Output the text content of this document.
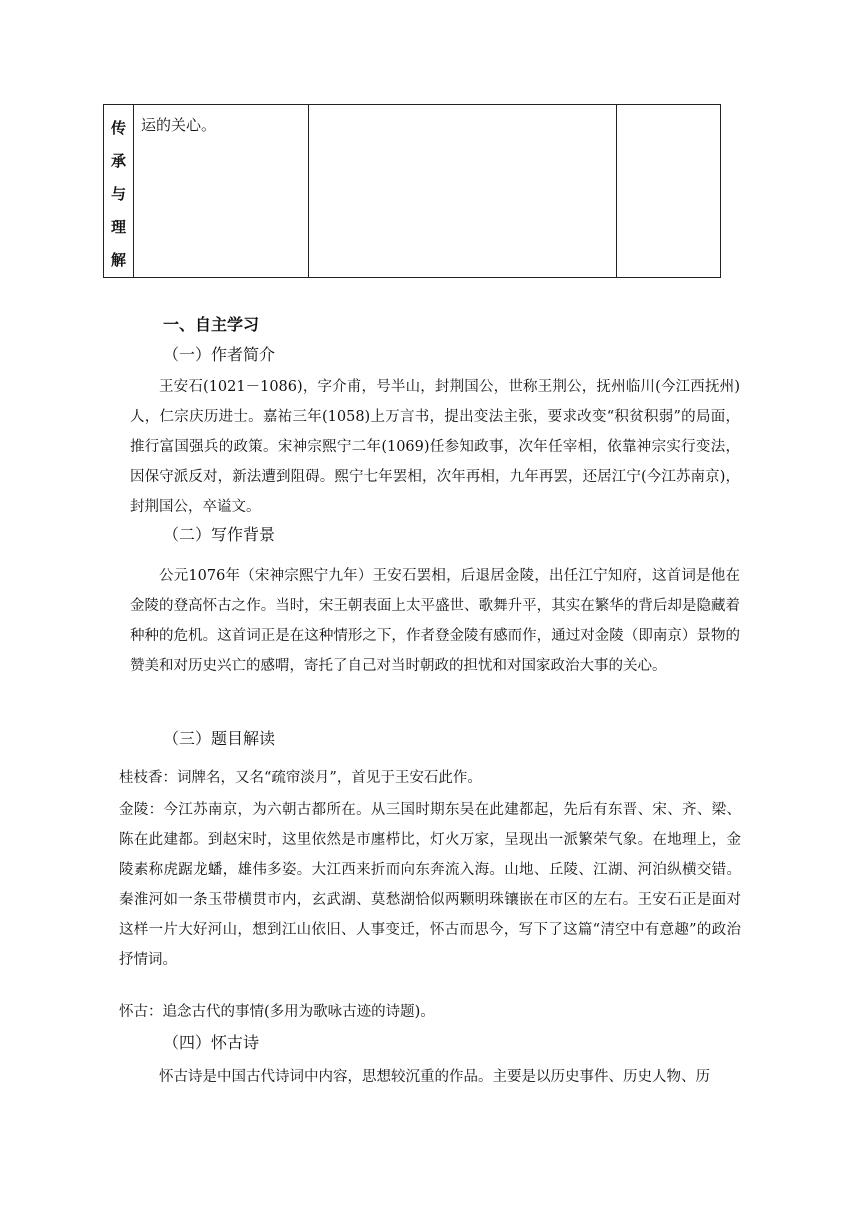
传
承
与
理
解

运的关心。

一、自主学习
（一）作者简介
王安石(1021－1086)，字介甫，号半山，封荆国公，世称王荆公，抚州临川(今江西抚州)人，仁宗庆历进士。嘉祐三年(1058)上万言书，提出变法主张，要求改变“积贫积弱”的局面，推行富国强兵的政策。宋神宗熙宁二年(1069)任参知政事，次年任宰相，依靠神宗实行变法，因保守派反对，新法遭到阻碍。熙宁七年罢相，次年再相，九年再罢，还居江宁(今江苏南京)，封荆国公，卒谥文。
（二）写作背景
公元1076年（宋神宗熙宁九年）王安石罢相，后退居金陵，出任江宁知府，这首词是他在金陵的登高怀古之作。当时，宋王朝表面上太平盛世、歌舞升平，其实在繁华的背后却是隐藏着种种的危机。这首词正是在这种情形之下，作者登金陵有感而作，通过对金陵（即南京）景物的赞美和对历史兴亡的感喟，寄托了自己对当时朝政的担忧和对国家政治大事的关心。
（三）题目解读
桂枝香：词牌名，又名“疏帘淡月”，首见于王安石此作。
金陵：今江苏南京，为六朝古都所在。从三国时期东吴在此建都起，先后有东晋、宋、齐、梁、陈在此建都。到赵宋时，这里依然是市廛栉比，灯火万家，呈现出一派繁荣气象。在地理上，金陵素称虎踞龙蟠，雄伟多姿。大江西来折而向东奔流入海。山地、丘陵、江湖、河泊纵横交错。秦淮河如一条玉带横贯市内，玄武湖、莫愁湖恰似两颗明珠镶嵌在市区的左右。王安石正是面对这样一片大好河山，想到江山依旧、人事变迁，怀古而思今，写下了这篇“清空中有意趣”的政治抒情词。
怀古：追念古代的事情(多用为歌咏古迹的诗题)。
（四）怀古诗
怀古诗是中国古代诗词中内容，思想较沉重的作品。主要是以历史事件、历史人物、历
